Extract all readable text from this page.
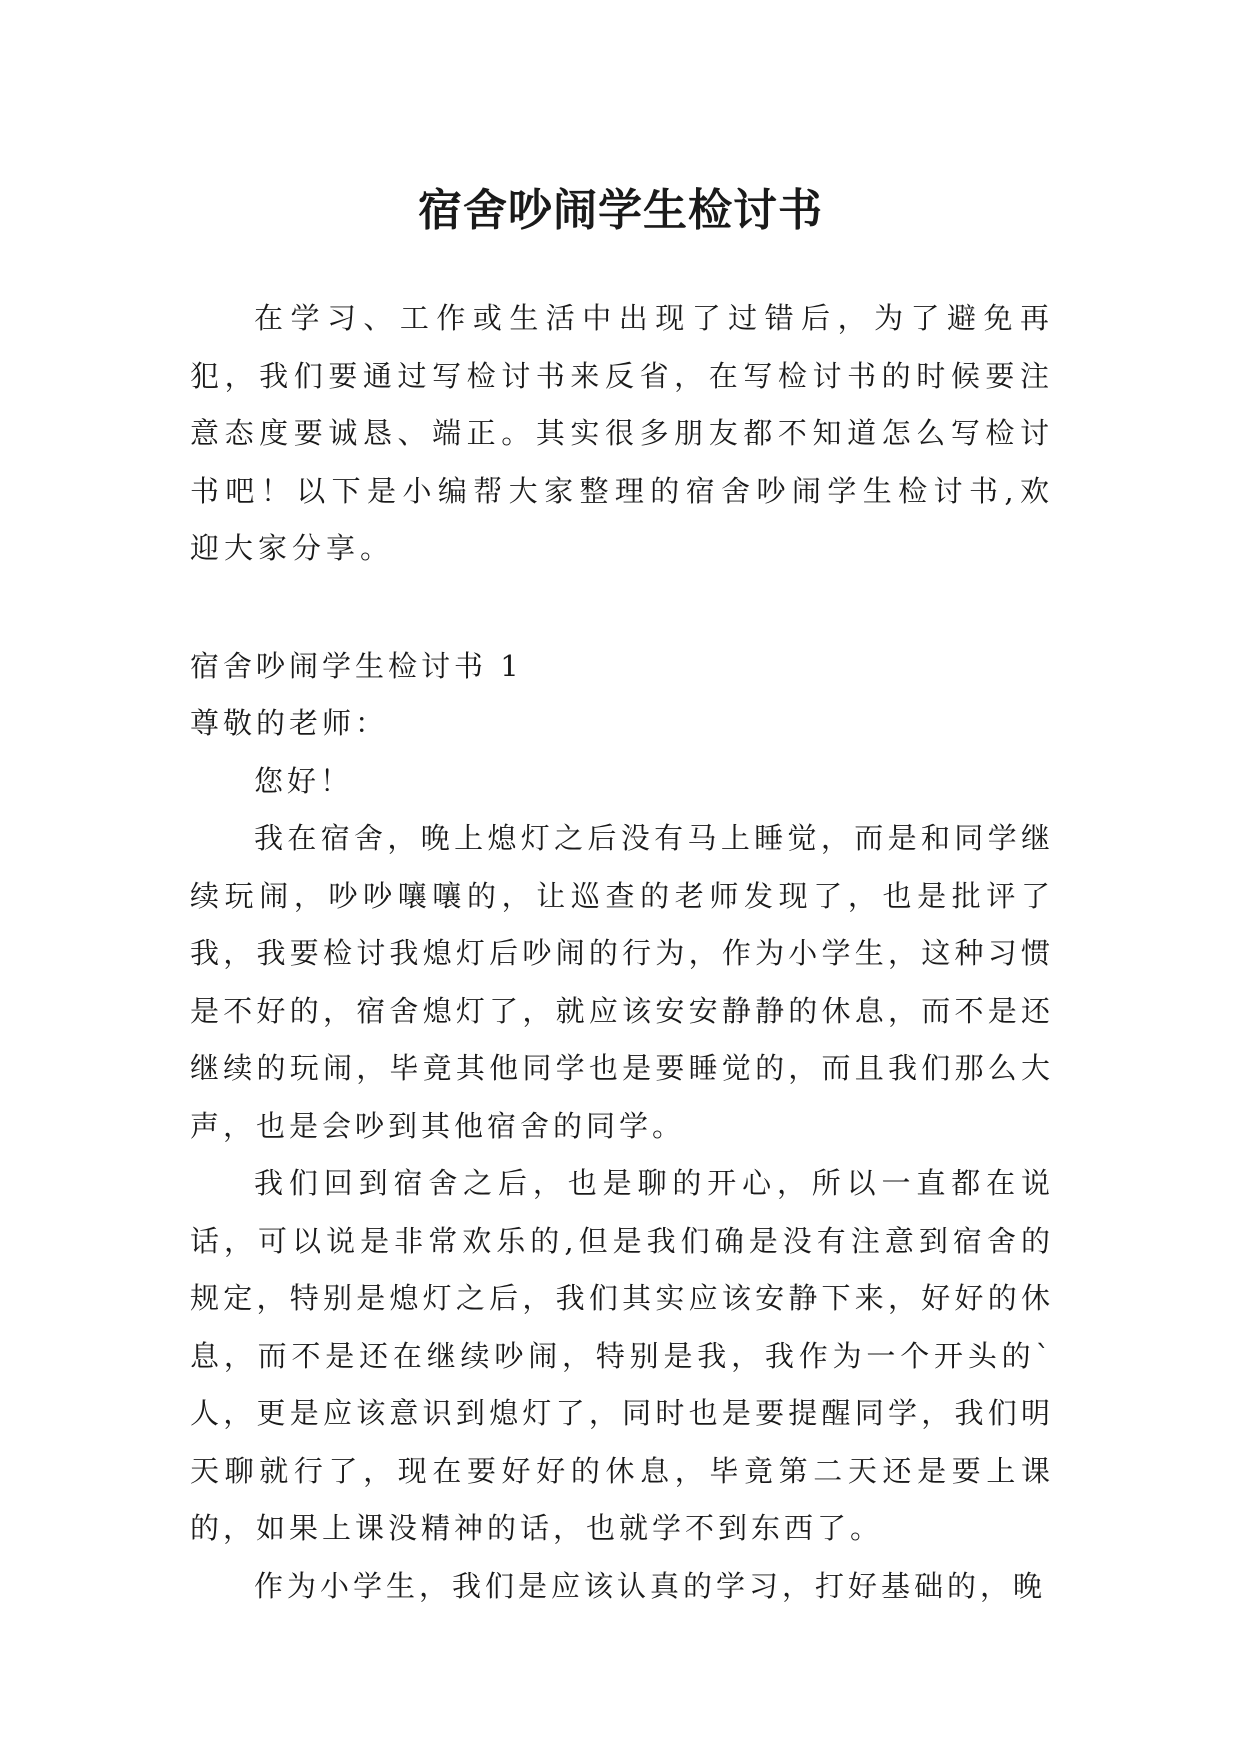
宿舍吵闹学生检讨书

在学习、工作或生活中出现了过错后，为了避免再犯，我们要通过写检讨书来反省，在写检讨书的时候要注意态度要诚恳、端正。其实很多朋友都不知道怎么写检讨书吧！以下是小编帮大家整理的宿舍吵闹学生检讨书,欢迎大家分享。

宿舍吵闹学生检讨书 1

尊敬的老师：

您好！

我在宿舍，晚上熄灯之后没有马上睡觉，而是和同学继续玩闹，吵吵嚷嚷的，让巡查的老师发现了，也是批评了我，我要检讨我熄灯后吵闹的行为，作为小学生，这种习惯是不好的，宿舍熄灯了，就应该安安静静的休息，而不是还继续的玩闹，毕竟其他同学也是要睡觉的，而且我们那么大声，也是会吵到其他宿舍的同学。

我们回到宿舍之后，也是聊的开心，所以一直都在说话，可以说是非常欢乐的,但是我们确是没有注意到宿舍的规定，特别是熄灯之后，我们其实应该安静下来，好好的休息，而不是还在继续吵闹，特别是我，我作为一个开头的`人，更是应该意识到熄灯了，同时也是要提醒同学，我们明天聊就行了，现在要好好的休息，毕竟第二天还是要上课的，如果上课没精神的话，也就学不到东西了。

作为小学生，我们是应该认真的学习，打好基础的，晚
